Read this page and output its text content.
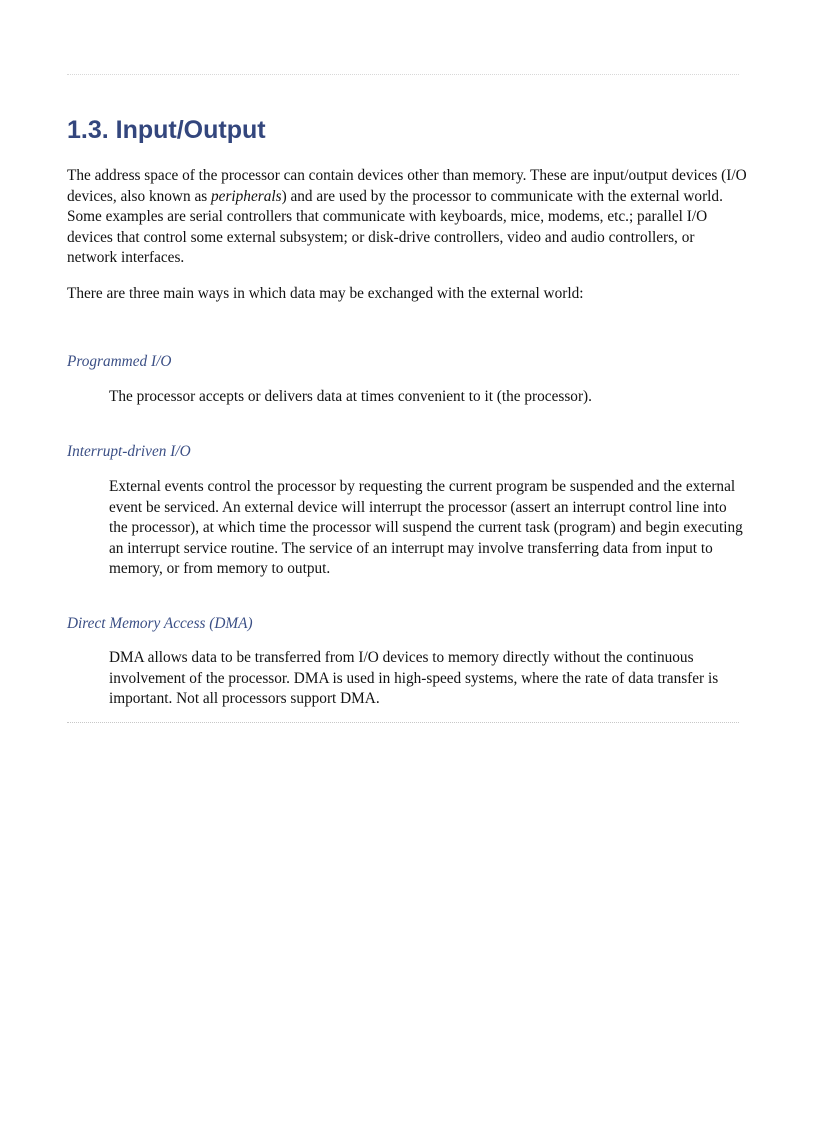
1.3. Input/Output

The address space of the processor can contain devices other than memory. These are input/output devices (I/O devices, also known as peripherals) and are used by the processor to communicate with the external world. Some examples are serial controllers that communicate with keyboards, mice, modems, etc.; parallel I/O devices that control some external subsystem; or disk-drive controllers, video and audio controllers, or network interfaces.

There are three main ways in which data may be exchanged with the external world:

Programmed I/O

The processor accepts or delivers data at times convenient to it (the processor).

Interrupt-driven I/O

External events control the processor by requesting the current program be suspended and the external event be serviced. An external device will interrupt the processor (assert an interrupt control line into the processor), at which time the processor will suspend the current task (program) and begin executing an interrupt service routine. The service of an interrupt may involve transferring data from input to memory, or from memory to output.

Direct Memory Access (DMA)

DMA allows data to be transferred from I/O devices to memory directly without the continuous involvement of the processor. DMA is used in high-speed systems, where the rate of data transfer is important. Not all processors support DMA.
